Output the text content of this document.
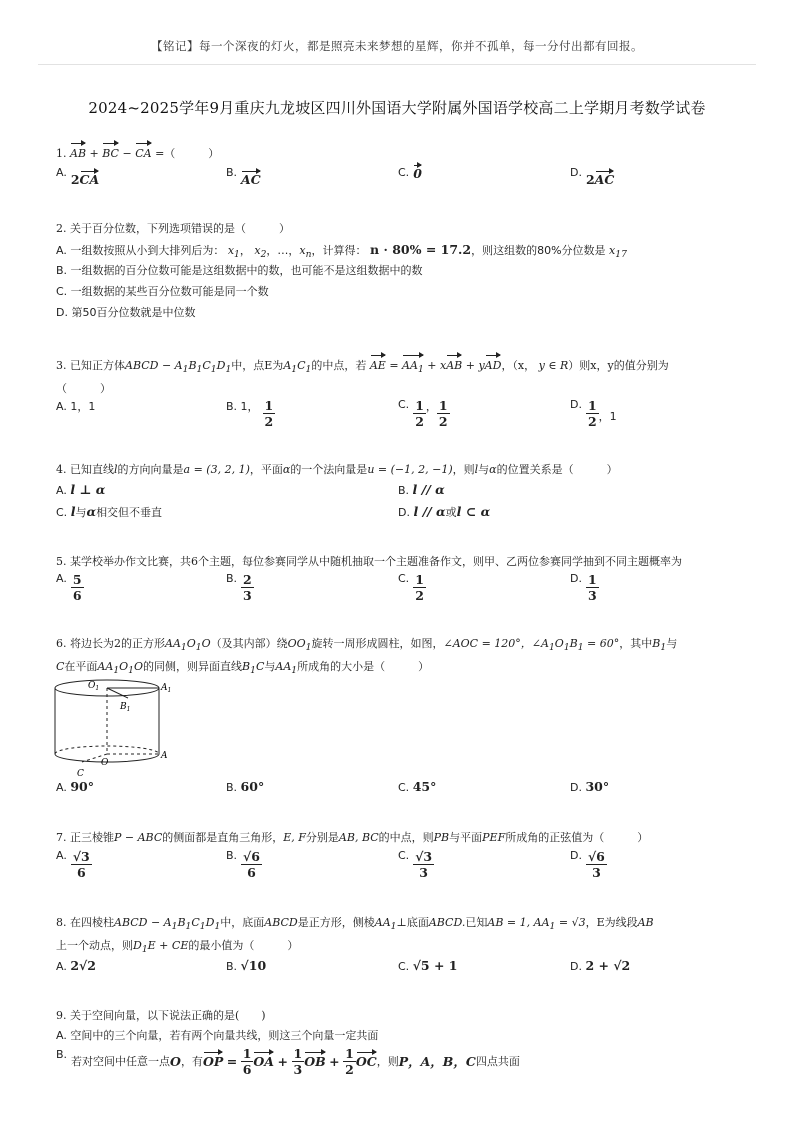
【铭记】每一个深夜的灯火，都是照亮未来梦想的星辉，你并不孤单，每一分付出都有回报。
2024~2025学年9月重庆九龙坡区四川外国语大学附属外国语学校高二上学期月考数学试卷
1. AB + BC − CA =（　　　）
A. 2CA	B. AC	C. 0	D. 2AC
2. 关于百分位数，下列选项错误的是（　　　）
A. 一组数按照从小到大排列后为： $x_1$， $x_2$，…，$x_n$，计算得： n · 80% = 17.2，则这组数的80%分位数是 $x_{17}$
B. 一组数据的百分位数可能是这组数据中的数，也可能不是这组数据中的数
C. 一组数据的某些百分位数可能是同一个数
D. 第50百分位数就是中位数
3. 已知正方体ABCD − $A_1B_1C_1D_1$中，点E为$A_1C_1$的中点，若 AE = $AA_1$ + xAB + yAD，（x， y ∈ R）则x，y的值分别为
（　　　）
A. 1，1	B. 1， $\frac{1}{2}$	C. $\frac{1}{2}$ ， $\frac{1}{2}$	D. $\frac{1}{2}$ ，1
4. 已知直线l的方向向量是a = (3, 2, 1)，平面α的一个法向量是u = (−1, 2, −1)，则l与α的位置关系是（　　　）
A. l ⊥ α	B. l // α
C. l与α相交但不垂直	D. l // α或l ⊂ α
5. 某学校举办作文比赛，共6个主题，每位参赛同学从中随机抽取一个主题准备作文，则甲、乙两位参赛同学抽到不同主题概率为
A. $\frac{5}{6}$	B. $\frac{2}{3}$	C. $\frac{1}{2}$	D. $\frac{1}{3}$
6. 将边长为2的正方形$AA_1O_1O$（及其内部）绕$OO_1$旋转一周形成圆柱，如图，∠AOC = 120°，$\angle A_1O_1B_1 = 60^\circ$，其中$B_1$与
C在平面$AA_1O_1O$的同侧，则异面直线$B_1C$与$AA_1$所成角的大小是（　　　）
$O_1$	$A_1$
$B_1$
O
A
C
A. 90°	B. 60°	C. 45°	D. 30°
7. 正三棱锥P − ABC的侧面都是直角三角形，E, F分别是AB, BC的中点，则PB与平面PEF所成角的正弦值为（　　　）
A. $\frac{√3}{6}$	B. $\frac{√6}{6}$	C. $\frac{√3}{3}$	D. $\frac{√6}{3}$
8. 在四棱柱ABCD − $A_1B_1C_1D_1$中，底面ABCD是正方形，侧棱$AA_1\perp$底面ABCD.已知AB = 1, $AA_1 = √3$，E为线段AB
上一个动点，则$D_1E$ + CE的最小值为（　　　）
A. 2√2	B. √10	C. √5 + 1	D. 2 + √2
9. 关于空间向量，以下说法正确的是(　　)
A. 空间中的三个向量，若有两个向量共线，则这三个向量一定共面
B. 若对空间中任意一点 O ，有 OP
=
$\frac{1}{6}$ OA
+
$\frac{1}{3}$ OB
+
$\frac{1}{2}$ OC ，则 P，A，B，C 四点共面
